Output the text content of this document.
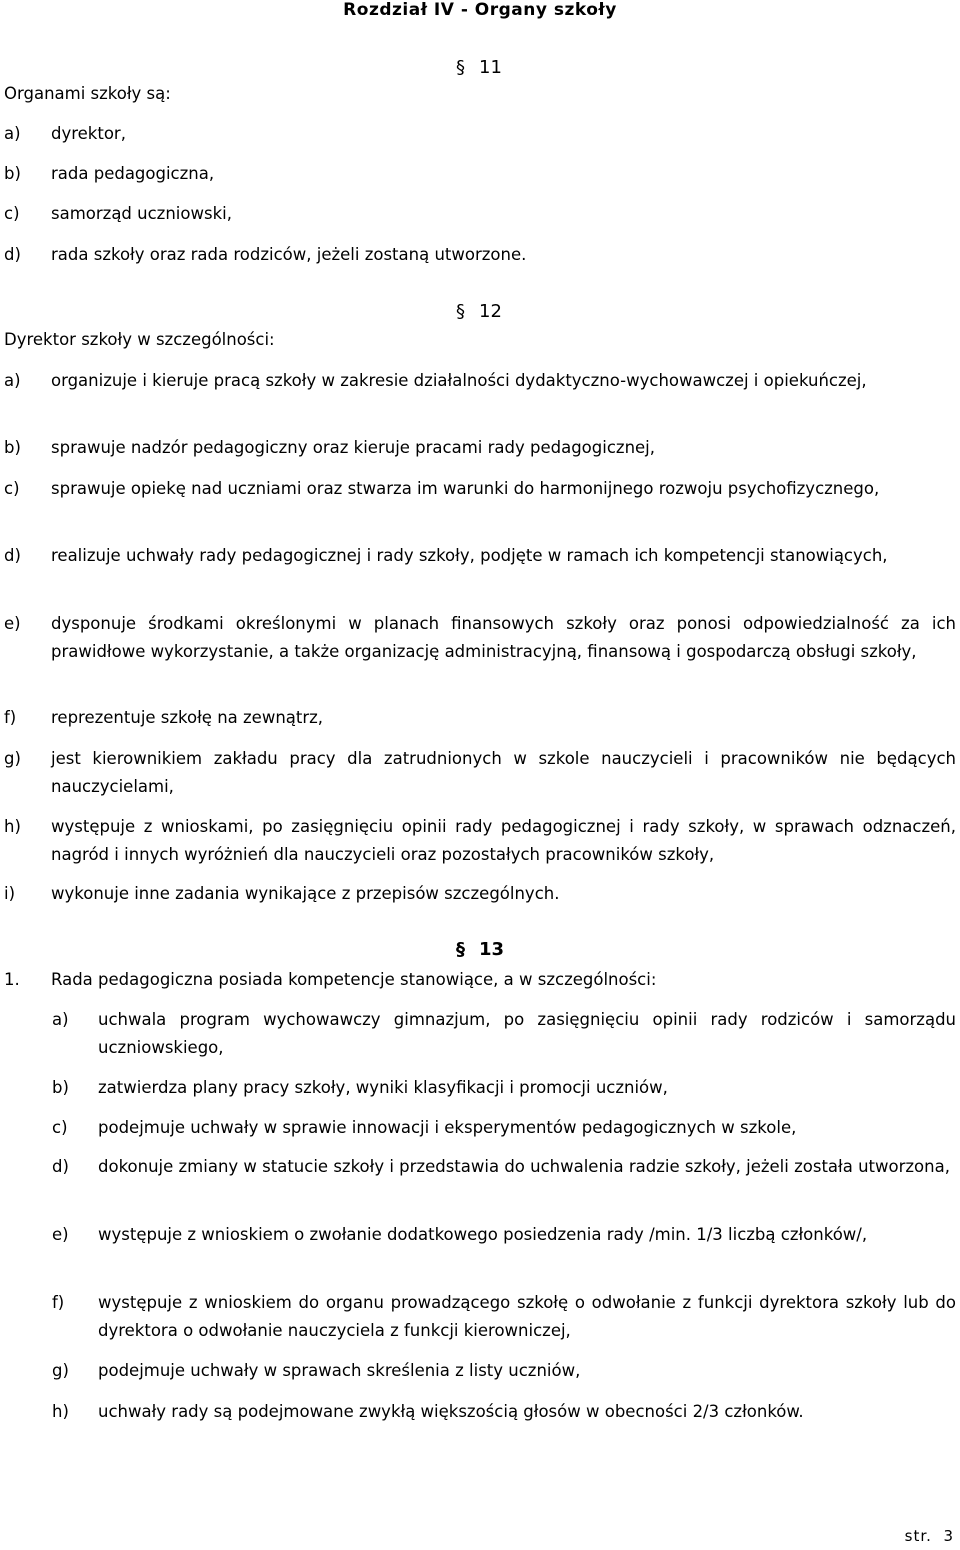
Rozdział IV - Organy szkoły
§ 11
Organami szkoły są:
a) dyrektor,
b) rada pedagogiczna,
c) samorząd uczniowski,
d) rada szkoły oraz rada rodziców, jeżeli zostaną utworzone.
§ 12
Dyrektor szkoły w szczególności:
a) organizuje i kieruje pracą szkoły w zakresie działalności dydaktyczno-wychowawczej i opiekuńczej,
b) sprawuje nadzór pedagogiczny oraz kieruje pracami rady pedagogicznej,
c) sprawuje opiekę nad uczniami oraz stwarza im warunki do harmonijnego rozwoju psychofizycznego,
d) realizuje uchwały rady pedagogicznej i rady szkoły, podjęte w ramach ich kompetencji stanowiących,
e) dysponuje środkami określonymi w planach finansowych szkoły oraz ponosi odpowiedzialność za ich prawidłowe wykorzystanie, a także organizację administracyjną, finansową i gospodarczą obsługi szkoły,
f) reprezentuje szkołę na zewnątrz,
g) jest kierownikiem zakładu pracy dla zatrudnionych w szkole nauczycieli i pracowników nie będących nauczycielami,
h) występuje z wnioskami, po zasięgnięciu opinii rady pedagogicznej i rady szkoły, w sprawach odznaczeń, nagród i innych wyróżnień dla nauczycieli oraz pozostałych pracowników szkoły,
i) wykonuje inne zadania wynikające z przepisów szczególnych.
§ 13
1. Rada pedagogiczna posiada kompetencje stanowiące, a w szczególności:
a) uchwala program wychowawczy gimnazjum, po zasięgnięciu opinii rady rodziców i samorządu uczniowskiego,
b) zatwierdza plany pracy szkoły, wyniki klasyfikacji i promocji uczniów,
c) podejmuje uchwały w sprawie innowacji i eksperymentów pedagogicznych w szkole,
d) dokonuje zmiany w statucie szkoły i przedstawia do uchwalenia radzie szkoły, jeżeli została utworzona,
e) występuje z wnioskiem o zwołanie dodatkowego posiedzenia rady /min. 1/3 liczbą członków/,
f) występuje z wnioskiem do organu prowadzącego szkołę o odwołanie z funkcji dyrektora szkoły lub do dyrektora o odwołanie nauczyciela z funkcji kierowniczej,
g) podejmuje uchwały w sprawach skreślenia z listy uczniów,
h) uchwały rady są podejmowane zwykłą większością głosów w obecności 2/3 członków.
str. 3
